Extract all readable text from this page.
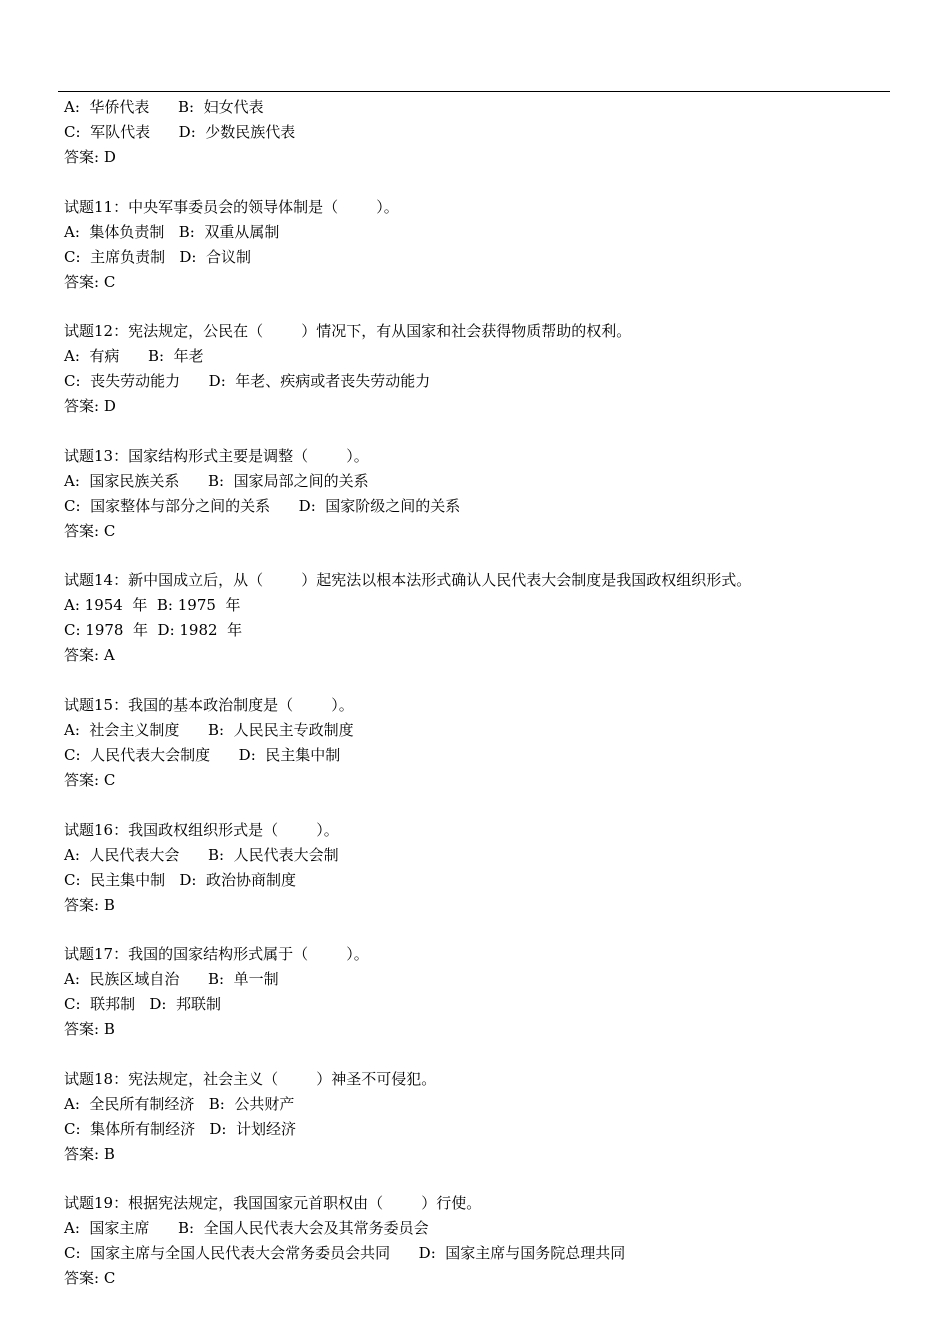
A:  华侨代表      B:  妇女代表
C:  军队代表      D:  少数民族代表
答案: D
试题11：中央军事委员会的领导体制是（        ）。
A:  集体负责制   B:  双重从属制
C:  主席负责制   D:  合议制
答案: C
试题12：宪法规定，公民在（        ）情况下，有从国家和社会获得物质帮助的权利。
A:  有病      B:  年老
C:  丧失劳动能力      D:  年老、疾病或者丧失劳动能力
答案: D
试题13：国家结构形式主要是调整（        ）。
A:  国家民族关系      B:  国家局部之间的关系
C:  国家整体与部分之间的关系      D:  国家阶级之间的关系
答案: C
试题14：新中国成立后，从（        ）起宪法以根本法形式确认人民代表大会制度是我国政权组织形式。
A: 1954  年  B: 1975  年
C: 1978  年  D: 1982  年
答案: A
试题15：我国的基本政治制度是（        ）。
A:  社会主义制度      B:  人民民主专政制度
C:  人民代表大会制度      D:  民主集中制
答案: C
试题16：我国政权组织形式是（        ）。
A:  人民代表大会      B:  人民代表大会制
C:  民主集中制   D:  政治协商制度
答案: B
试题17：我国的国家结构形式属于（        ）。
A:  民族区域自治      B:  单一制
C:  联邦制   D:  邦联制
答案: B
试题18：宪法规定，社会主义（        ）神圣不可侵犯。
A:  全民所有制经济   B:  公共财产
C:  集体所有制经济   D:  计划经济
答案: B
试题19：根据宪法规定，我国国家元首职权由（        ）行使。
A:  国家主席      B:  全国人民代表大会及其常务委员会
C:  国家主席与全国人民代表大会常务委员会共同      D:  国家主席与国务院总理共同
答案: C
